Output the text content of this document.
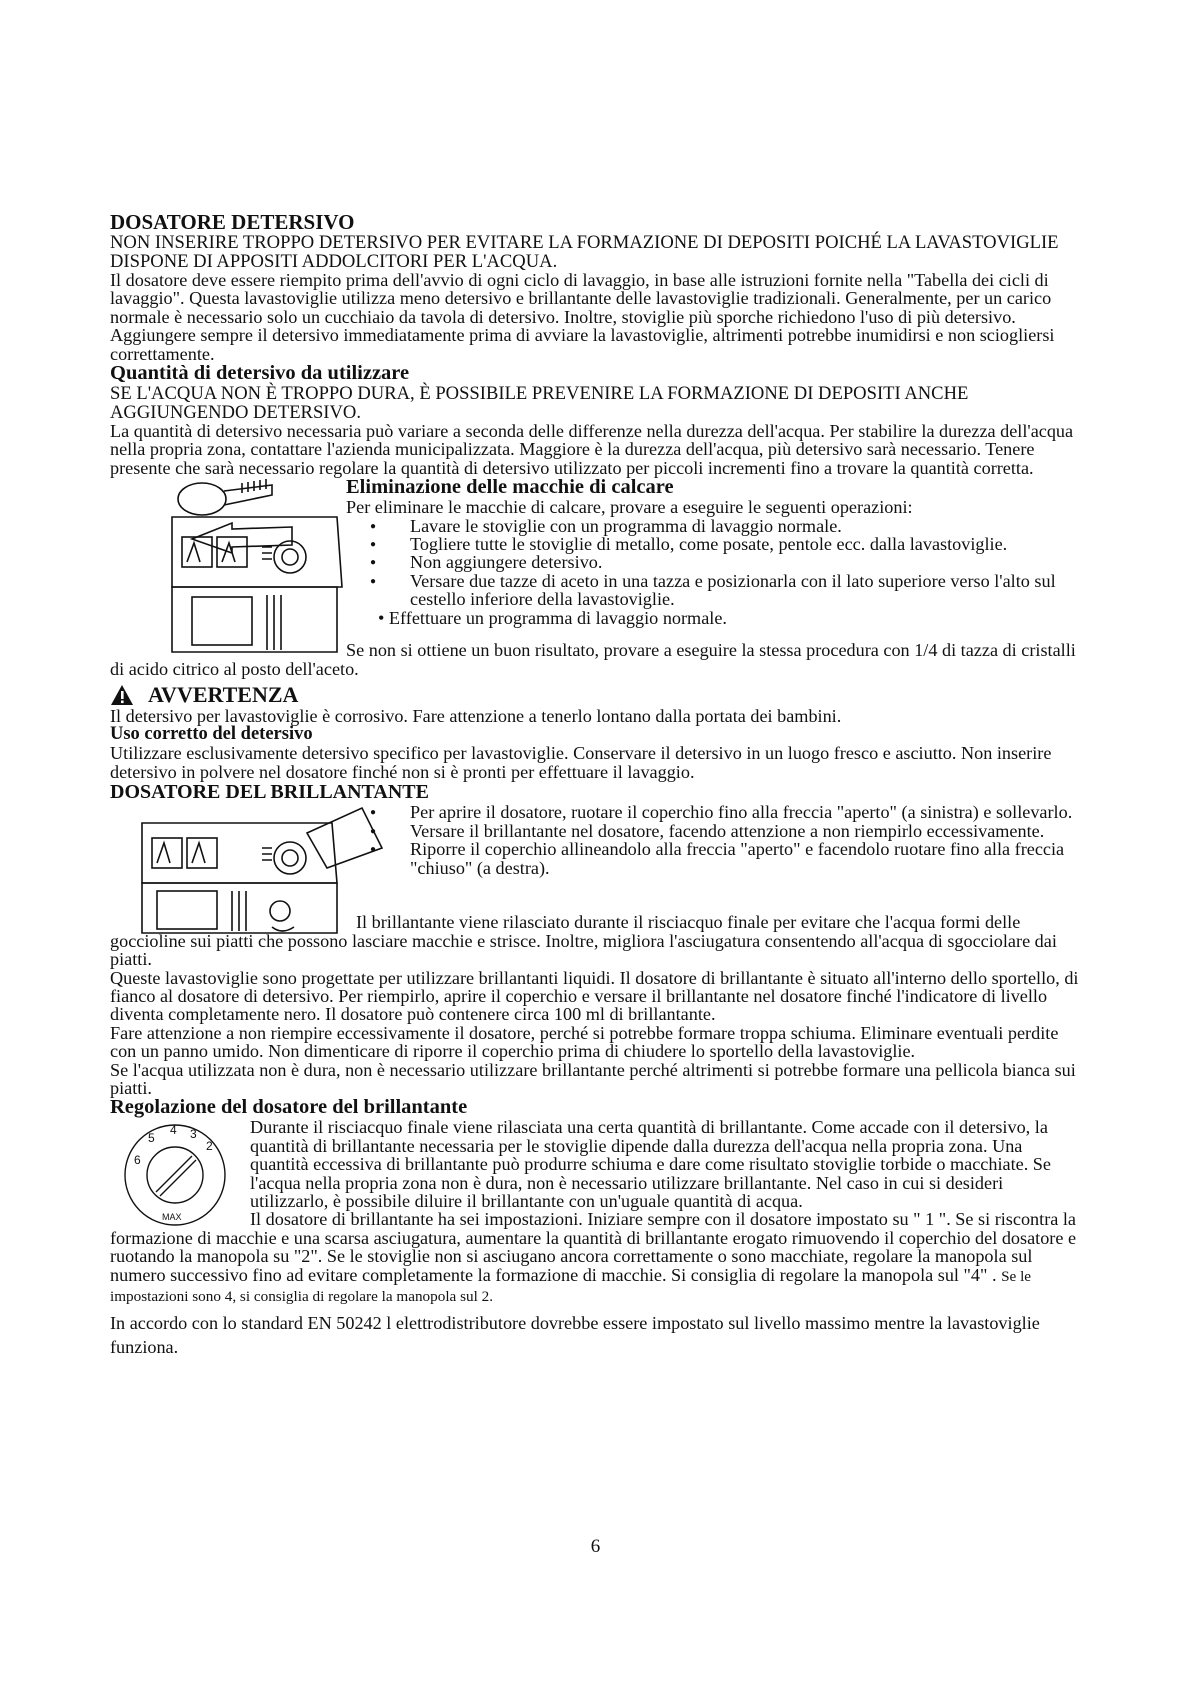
DOSATORE DETERSIVO

NON INSERIRE TROPPO DETERSIVO PER EVITARE LA FORMAZIONE DI DEPOSITI POICHÉ LA LAVASTOVIGLIE DISPONE DI APPOSITI ADDOLCITORI PER L'ACQUA.

Il dosatore deve essere riempito prima dell'avvio di ogni ciclo di lavaggio, in base alle istruzioni fornite nella "Tabella dei cicli di lavaggio". Questa lavastoviglie utilizza meno detersivo e brillantante delle lavastoviglie tradizionali. Generalmente, per un carico normale è necessario solo un cucchiaio da tavola di detersivo. Inoltre, stoviglie più sporche richiedono l'uso di più detersivo. Aggiungere sempre il detersivo immediatamente prima di avviare la lavastoviglie, altrimenti potrebbe inumidirsi e non sciogliersi correttamente.

Quantità di detersivo da utilizzare

SE L'ACQUA NON È TROPPO DURA, È POSSIBILE PREVENIRE LA FORMAZIONE DI DEPOSITI ANCHE AGGIUNGENDO DETERSIVO.

La quantità di detersivo necessaria può variare a seconda delle differenze nella durezza dell'acqua. Per stabilire la durezza dell'acqua nella propria zona, contattare l'azienda municipalizzata. Maggiore è la durezza dell'acqua, più detersivo sarà necessario. Tenere presente che sarà necessario regolare la quantità di detersivo utilizzato per piccoli incrementi fino a trovare la quantità corretta.

Eliminazione delle macchie di calcare

Per eliminare le macchie di calcare, provare a eseguire le seguenti operazioni:

● Lavare le stoviglie con un programma di lavaggio normale.
● Togliere tutte le stoviglie di metallo, come posate, pentole ecc. dalla lavastoviglie.
● Non aggiungere detersivo.
● Versare due tazze di aceto in una tazza e posizionarla con il lato superiore verso l'alto sul cestello inferiore della lavastoviglie.

• Effettuare un programma di lavaggio normale.

Se non si ottiene un buon risultato, provare a eseguire la stessa procedura con 1/4 di tazza di cristalli di acido citrico al posto dell'aceto.

AVVERTENZA

Il detersivo per lavastoviglie è corrosivo. Fare attenzione a tenerlo lontano dalla portata dei bambini.

Uso corretto del detersivo

Utilizzare esclusivamente detersivo specifico per lavastoviglie. Conservare il detersivo in un luogo fresco e asciutto. Non inserire detersivo in polvere nel dosatore finché non si è pronti per effettuare il lavaggio.

DOSATORE DEL BRILLANTANTE

● Per aprire il dosatore, ruotare il coperchio fino alla freccia "aperto" (a sinistra) e sollevarlo.
● Versare il brillantante nel dosatore, facendo attenzione a non riempirlo eccessivamente.
● Riporre il coperchio allineandolo alla freccia "aperto" e facendolo ruotare fino alla freccia "chiuso" (a destra).

Il brillantante viene rilasciato durante il risciacquo finale per evitare che l'acqua formi delle goccioline sui piatti che possono lasciare macchie e strisce. Inoltre, migliora l'asciugatura consentendo all'acqua di sgocciolare dai piatti.

Queste lavastoviglie sono progettate per utilizzare brillantanti liquidi. Il dosatore di brillantante è situato all'interno dello sportello, di fianco al dosatore di detersivo. Per riempirlo, aprire il coperchio e versare il brillantante nel dosatore finché l'indicatore di livello diventa completamente nero. Il dosatore può contenere circa 100 ml di brillantante.

Fare attenzione a non riempire eccessivamente il dosatore, perché si potrebbe formare troppa schiuma. Eliminare eventuali perdite con un panno umido. Non dimenticare di riporre il coperchio prima di chiudere lo sportello della lavastoviglie.

Se l'acqua utilizzata non è dura, non è necessario utilizzare brillantante perché altrimenti si potrebbe formare una pellicola bianca sui piatti.

Regolazione del dosatore del brillantante

6
5
4 3
2
MAX

Durante il risciacquo finale viene rilasciata una certa quantità di brillantante. Come accade con il detersivo, la quantità di brillantante necessaria per le stoviglie dipende dalla durezza dell'acqua nella propria zona. Una quantità eccessiva di brillantante può produrre schiuma e dare come risultato stoviglie torbide o macchiate. Se l'acqua nella propria zona non è dura, non è necessario utilizzare brillantante. Nel caso in cui si desideri utilizzarlo, è possibile diluire il brillantante con un'uguale quantità di acqua.

Il dosatore di brillantante ha sei impostazioni. Iniziare sempre con il dosatore impostato su " 1 ". Se si riscontra la formazione di macchie e una scarsa asciugatura, aumentare la quantità di brillantante erogato rimuovendo il coperchio del dosatore e ruotando la manopola su "2". Se le stoviglie non si asciugano ancora correttamente o sono macchiate, regolare la manopola sul numero successivo fino ad evitare completamente la formazione di macchie. Si consiglia di regolare la manopola sul "4" . Se le impostazioni sono 4, si consiglia di regolare la manopola sul 2.

In accordo con lo standard EN 50242 l elettrodistributore dovrebbe essere impostato sul livello massimo mentre la lavastoviglie funziona.

6
